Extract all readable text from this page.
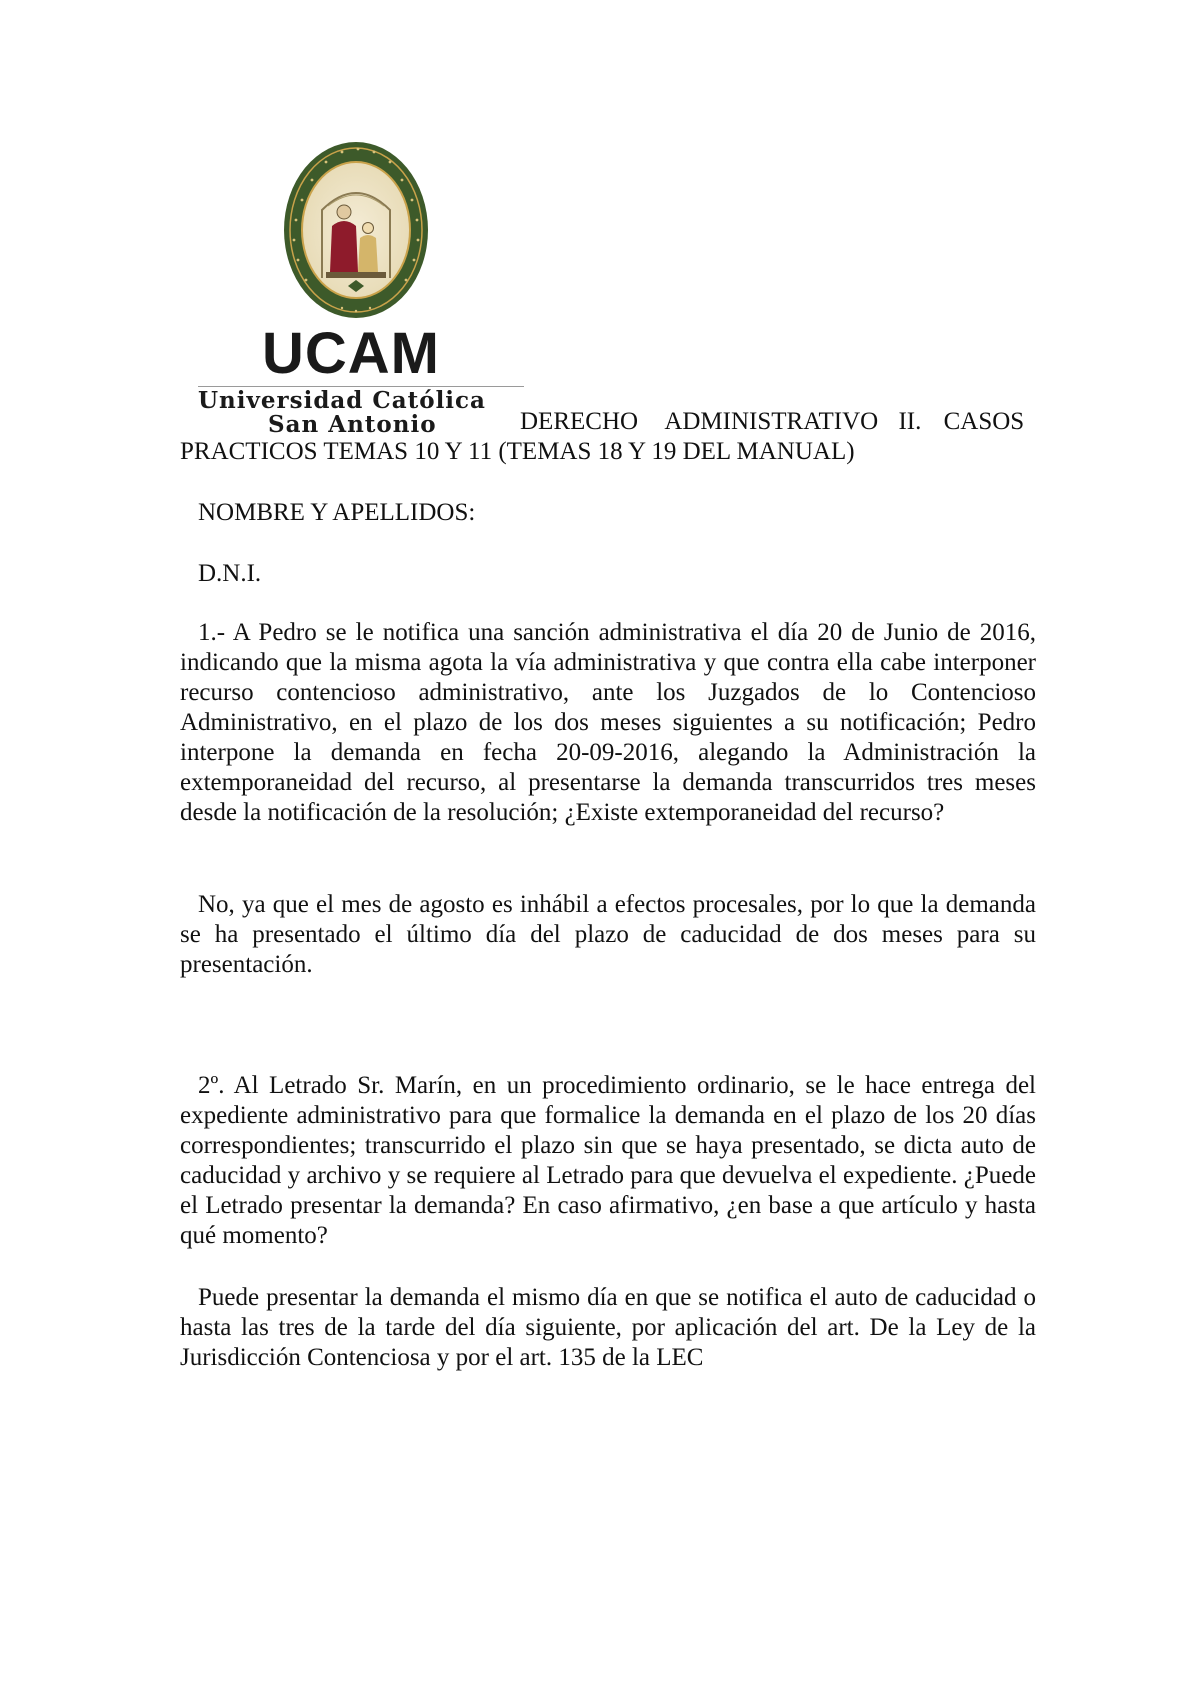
UCAM
Universidad Católica
San Antonio	DERECHO ADMINISTRATIVO II. CASOS
PRACTICOS TEMAS 10 Y 11 (TEMAS 18 Y 19 DEL MANUAL)
NOMBRE Y APELLIDOS:
D.N.I.
1.- A Pedro se le notifica una sanción administrativa el día 20 de Junio de 2016, indicando que la misma agota la vía administrativa y que contra ella cabe interponer recurso contencioso administrativo, ante los Juzgados de lo Contencioso Administrativo, en el plazo de los dos meses siguientes a su notificación; Pedro interpone la demanda en fecha 20-09-2016, alegando la Administración la extemporaneidad del recurso, al presentarse la demanda transcurridos tres meses desde la notificación de la resolución; ¿Existe extemporaneidad del recurso?
No, ya que el mes de agosto es inhábil a efectos procesales, por lo que la demanda se ha presentado el último día del plazo de caducidad de dos meses para su presentación.
2º. Al Letrado Sr. Marín, en un procedimiento ordinario, se le hace entrega del expediente administrativo para que formalice la demanda en el plazo de los 20 días correspondientes; transcurrido el plazo sin que se haya presentado, se dicta auto de caducidad y archivo y se requiere al Letrado para que devuelva el expediente. ¿Puede el Letrado presentar la demanda? En caso afirmativo, ¿en base a que artículo y hasta qué momento?
Puede presentar la demanda el mismo día en que se notifica el auto de caducidad o hasta las tres de la tarde del día siguiente, por aplicación del art. De la Ley de la Jurisdicción Contenciosa y por el art. 135 de la LEC
